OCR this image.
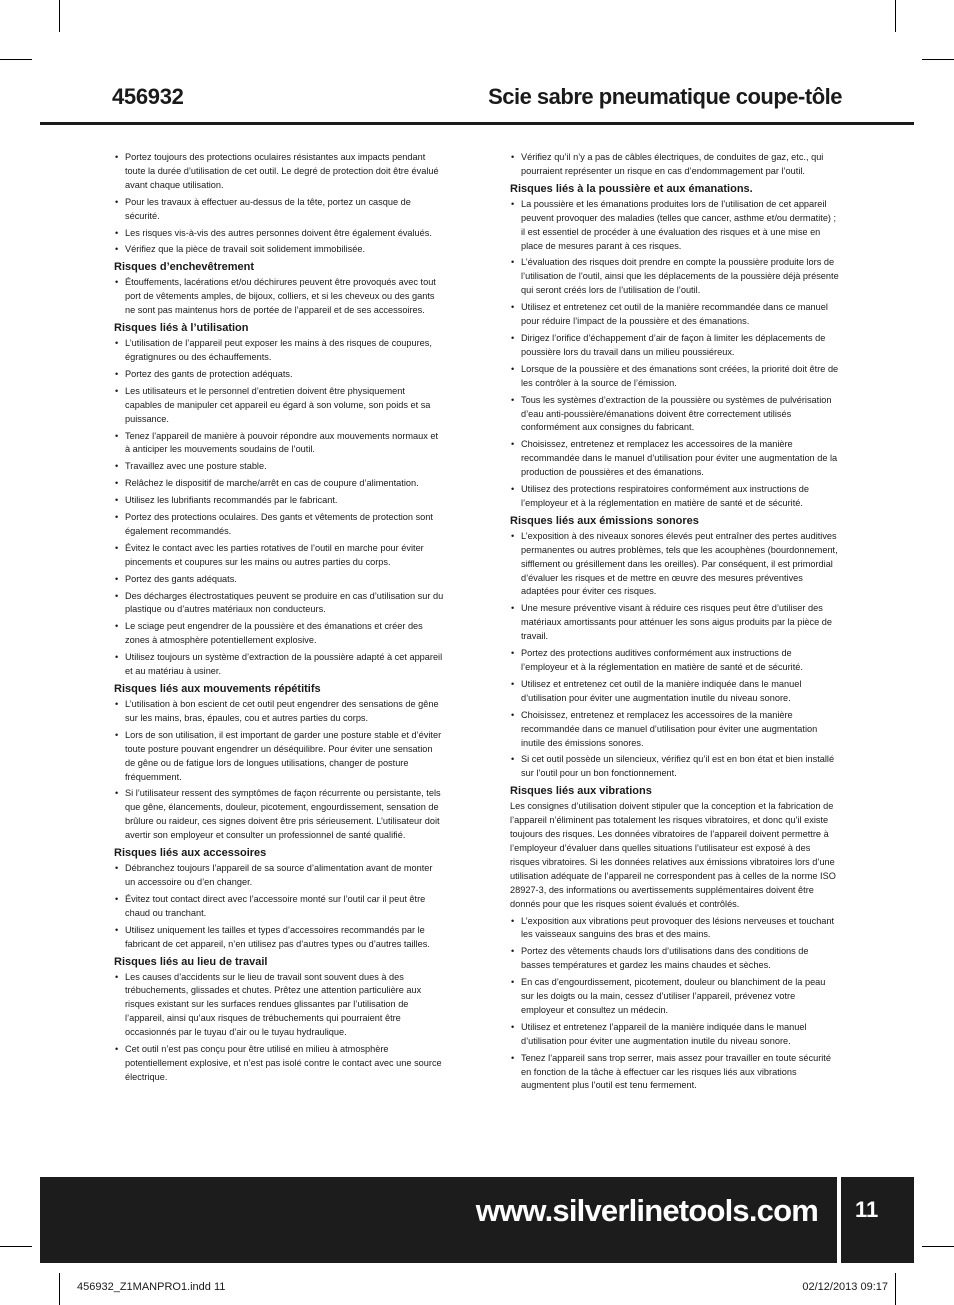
456932	Scie sabre pneumatique coupe-tôle
• Portez toujours des protections oculaires résistantes aux impacts pendant toute la durée d’utilisation de cet outil. Le degré de protection doit être évalué avant chaque utilisation.
• Pour les travaux à effectuer au-dessus de la tête, portez un casque de sécurité.
• Les risques vis-à-vis des autres personnes doivent être également évalués.
• Vérifiez que la pièce de travail soit solidement immobilisée.
Risques d’enchevêtrement
• Étouffements, lacérations et/ou déchirures peuvent être provoqués avec tout port de vêtements amples, de bijoux, colliers, et si les cheveux ou des gants ne sont pas maintenus hors de portée de l’appareil et de ses accessoires.
Risques liés à l’utilisation
• L’utilisation de l’appareil peut exposer les mains à des risques de coupures, égratignures ou des échauffements.
• Portez des gants de protection adéquats.
• Les utilisateurs et le personnel d’entretien doivent être physiquement capables de manipuler cet appareil eu égard à son volume, son poids et sa puissance.
• Tenez l’appareil de manière à pouvoir répondre aux mouvements normaux et à anticiper les mouvements soudains de l’outil.
• Travaillez avec une posture stable.
• Relâchez le dispositif de marche/arrêt en cas de coupure d’alimentation.
• Utilisez les lubrifiants recommandés par le fabricant.
• Portez des protections oculaires. Des gants et vêtements de protection sont également recommandés.
• Évitez le contact avec les parties rotatives de l’outil en marche pour éviter pincements et coupures sur les mains ou autres parties du corps.
• Portez des gants adéquats.
• Des décharges électrostatiques peuvent se produire en cas d’utilisation sur du plastique ou d’autres matériaux non conducteurs.
• Le sciage peut engendrer de la poussière et des émanations et créer des zones à atmosphère potentiellement explosive.
• Utilisez toujours un système d’extraction de la poussière adapté à cet appareil et au matériau à usiner.
Risques liés aux mouvements répétitifs
• L’utilisation à bon escient de cet outil peut engendrer des sensations de gêne sur les mains, bras, épaules, cou et autres parties du corps.
• Lors de son utilisation, il est important de garder une posture stable et d’éviter toute posture pouvant engendrer un déséquilibre. Pour éviter une sensation de gêne ou de fatigue lors de longues utilisations, changer de posture fréquemment.
• Si l’utilisateur ressent des symptômes de façon récurrente ou persistante, tels que gêne, élancements, douleur, picotement, engourdissement, sensation de brûlure ou raideur, ces signes doivent être pris sérieusement. L’utilisateur doit avertir son employeur et consulter un professionnel de santé qualifié.
Risques liés aux accessoires
• Débranchez toujours l’appareil de sa source d’alimentation avant de monter un accessoire ou d’en changer.
• Évitez tout contact direct avec l’accessoire monté sur l’outil car il peut être chaud ou tranchant.
• Utilisez uniquement les tailles et types d’accessoires recommandés par le fabricant de cet appareil, n’en utilisez pas d’autres types ou d’autres tailles.
Risques liés au lieu de travail
• Les causes d’accidents sur le lieu de travail sont souvent dues à des trébuchements, glissades et chutes. Prêtez une attention particulière aux risques existant sur les surfaces rendues glissantes par l’utilisation de l’appareil, ainsi qu’aux risques de trébuchements qui pourraient être occasionnés par le tuyau d’air ou le tuyau hydraulique.
• Cet outil n’est pas conçu pour être utilisé en milieu à atmosphère potentiellement explosive, et n’est pas isolé contre le contact avec une source électrique.
• Vérifiez qu’il n’y a pas de câbles électriques, de conduites de gaz, etc., qui pourraient représenter un risque en cas d’endommagement par l’outil.
Risques liés à la poussière et aux émanations.
• La poussière et les émanations produites lors de l’utilisation de cet appareil peuvent provoquer des maladies (telles que cancer, asthme et/ou dermatite) ; il est essentiel de procéder à une évaluation des risques et à une mise en place de mesures parant à ces risques.
• L’évaluation des risques doit prendre en compte la poussière produite lors de l’utilisation de l’outil, ainsi que les déplacements de la poussière déjà présente qui seront créés lors de l’utilisation de l’outil.
• Utilisez et entretenez cet outil de la manière recommandée dans ce manuel pour réduire l’impact de la poussière et des émanations.
• Dirigez l’orifice d’échappement d’air de façon à limiter les déplacements de poussière lors du travail dans un milieu poussiéreux.
• Lorsque de la poussière et des émanations sont créées, la priorité doit être de les contrôler à la source de l’émission.
• Tous les systèmes d’extraction de la poussière ou systèmes de pulvérisation d’eau anti-poussière/émanations doivent être correctement utilisés conformément aux consignes du fabricant.
• Choisissez, entretenez et remplacez les accessoires de la manière recommandée dans le manuel d’utilisation pour éviter une augmentation de la production de poussières et des émanations.
• Utilisez des protections respiratoires conformément aux instructions de l’employeur et à la réglementation en matière de santé et de sécurité.
Risques liés aux émissions sonores
• L’exposition à des niveaux sonores élevés peut entraîner des pertes auditives permanentes ou autres problèmes, tels que les acouphènes (bourdonnement, sifflement ou grésillement dans les oreilles). Par conséquent, il est primordial d’évaluer les risques et de mettre en œuvre des mesures préventives adaptées pour éviter ces risques.
• Une mesure préventive visant à réduire ces risques peut être d’utiliser des matériaux amortissants pour atténuer les sons aigus produits par la pièce de travail.
• Portez des protections auditives conformément aux instructions de l’employeur et à la réglementation en matière de santé et de sécurité.
• Utilisez et entretenez cet outil de la manière indiquée dans le manuel d’utilisation pour éviter une augmentation inutile du niveau sonore.
• Choisissez, entretenez et remplacez les accessoires de la manière recommandée dans ce manuel d’utilisation pour éviter une augmentation inutile des émissions sonores.
• Si cet outil possède un silencieux, vérifiez qu’il est en bon état et bien installé sur l’outil pour un bon fonctionnement.
Risques liés aux vibrations
Les consignes d’utilisation doivent stipuler que la conception et la fabrication de l’appareil n’éliminent pas totalement les risques vibratoires, et donc qu’il existe toujours des risques. Les données vibratoires de l’appareil doivent permettre à l’employeur d’évaluer dans quelles situations l’utilisateur est exposé à des risques vibratoires. Si les données relatives aux émissions vibratoires lors d’une utilisation adéquate de l’appareil ne correspondent pas à celles de la norme ISO 28927-3, des informations ou avertissements supplémentaires doivent être donnés pour que les risques soient évalués et contrôlés.
• L’exposition aux vibrations peut provoquer des lésions nerveuses et touchant les vaisseaux sanguins des bras et des mains.
• Portez des vêtements chauds lors d’utilisations dans des conditions de basses températures et gardez les mains chaudes et sèches.
• En cas d’engourdissement, picotement, douleur ou blanchiment de la peau sur les doigts ou la main, cessez d’utiliser l’appareil, prévenez votre employeur et consultez un médecin.
• Utilisez et entretenez l’appareil de la manière indiquée dans le manuel d’utilisation pour éviter une augmentation inutile du niveau sonore.
• Tenez l’appareil sans trop serrer, mais assez pour travailler en toute sécurité en fonction de la tâche à effectuer car les risques liés aux vibrations augmentent plus l’outil est tenu fermement.
www.silverlinetools.com 11
456932_Z1MANPRO1.indd 11	02/12/2013 09:17
